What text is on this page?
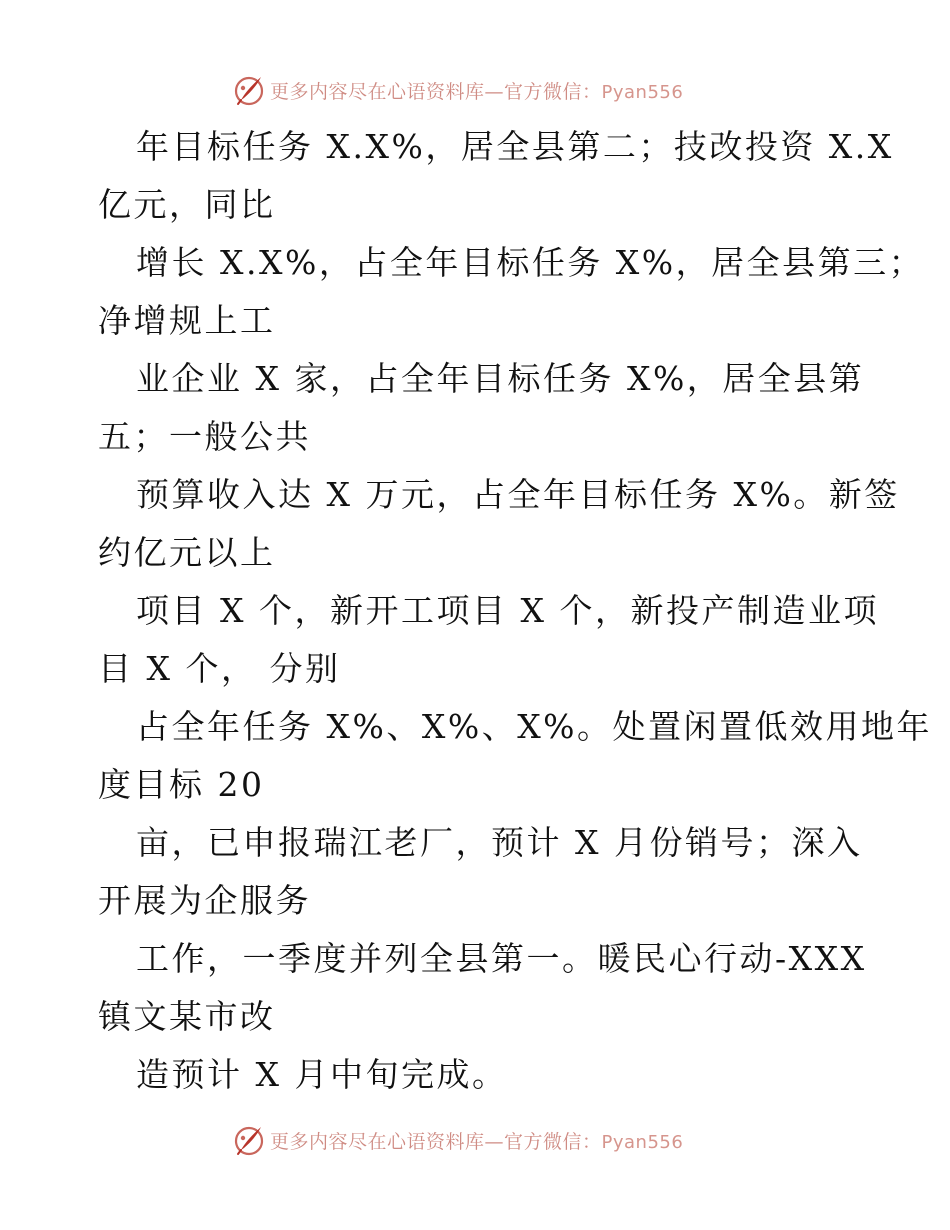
更多内容尽在心语资料库—官方微信：Pyan556
年目标任务 X.X%，居全县第二；技改投资 X.X
亿元，同比
增长 X.X%，占全年目标任务 X%，居全县第三；
净增规上工
业企业 X 家，占全年目标任务 X%，居全县第
五；一般公共
预算收入达 X 万元，占全年目标任务 X%。新签
约亿元以上
项目 X 个，新开工项目 X 个，新投产制造业项
目 X 个， 分别
占全年任务 X%、X%、X%。处置闲置低效用地年
度目标 20
亩，已申报瑞江老厂，预计 X 月份销号；深入
开展为企服务
工作，一季度并列全县第一。暖民心行动-XXX
镇文某市改
造预计 X 月中旬完成。
更多内容尽在心语资料库—官方微信：Pyan556
